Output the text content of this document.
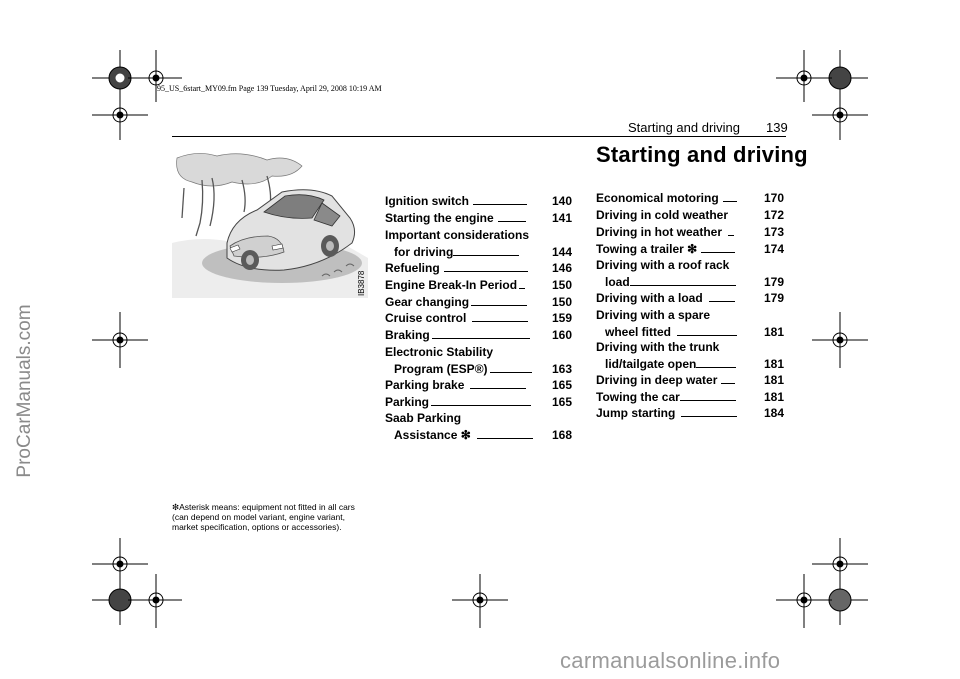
95_US_6start_MY09.fm Page 139 Tuesday, April 29, 2008 10:19 AM
Starting and driving 139
Starting and driving
IB3878
Ignition switch	140
Starting the engine	141
Important considerations
for driving	144
Refueling	146
Engine Break-In Period	150
Gear changing	150
Cruise control	159
Braking	160
Electronic Stability
Program (ESP®)	163
Parking brake	165
Parking	165
Saab Parking
Assistance ❇	168
Economical motoring	170
Driving in cold weather	172
Driving in hot weather	173
Towing a trailer ❇	174
Driving with a roof rack
load	179
Driving with a load	179
Driving with a spare
wheel fitted	181
Driving with the trunk
lid/tailgate open	181
Driving in deep water	181
Towing the car	181
Jump starting	184
❇Asterisk means: equipment not fitted in all cars (can depend on model variant, engine variant, market specification, options or accessories).
ProCarManuals.com
carmanualsonline.info
